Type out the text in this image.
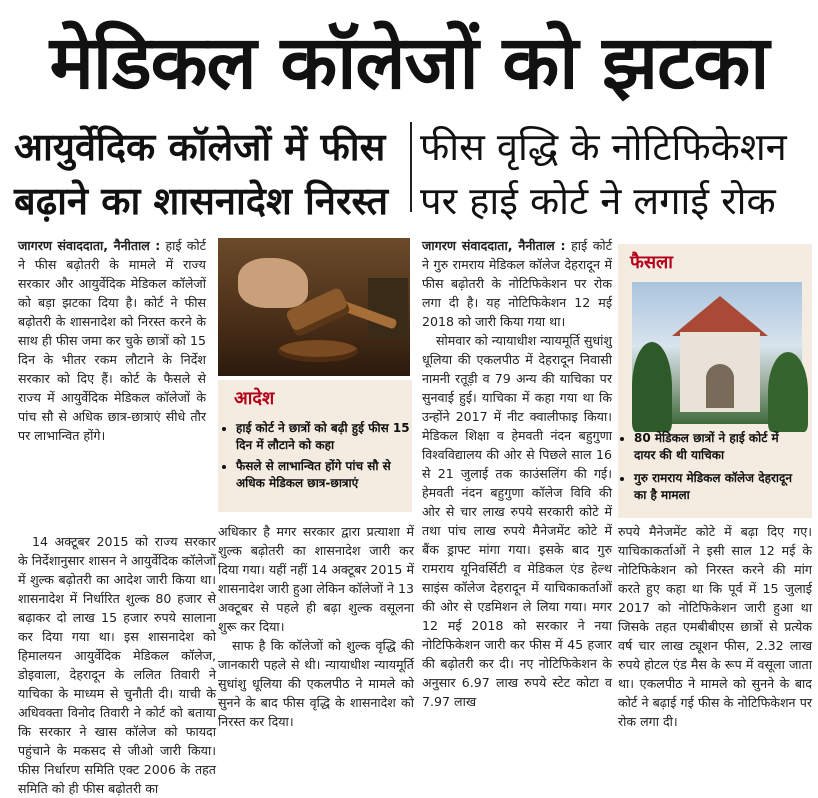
मेडिकल कॉलेजों को झटका
आयुर्वेदिक कॉलेजों में फीस बढ़ाने का शासनादेश निरस्त
फीस वृद्धि के नोटिफिकेशन पर हाई कोर्ट ने लगाई रोक

जागरण संवाददाता, नैनीताल : हाई कोर्ट ने फीस बढ़ोतरी के मामले में राज्य सरकार और आयुर्वेदिक मेडिकल कॉलेजों को बड़ा झटका दिया है। कोर्ट ने फीस बढ़ोतरी के शासनादेश को निरस्त करने के साथ ही फीस जमा कर चुके छात्रों को 15 दिन के भीतर रकम लौटाने के निर्देश सरकार को दिए हैं। कोर्ट के फैसले से राज्य में आयुर्वेदिक मेडिकल कॉलेजों के पांच सौ से अधिक छात्र-छात्राएं सीधे तौर पर लाभान्वित होंगे।

14 अक्टूबर 2015 को राज्य सरकार के निर्देशानुसार शासन ने आयुर्वेदिक कॉलेजों में शुल्क बढ़ोतरी का आदेश जारी किया था। शासनादेश में निर्धारित शुल्क 80 हजार से बढ़ाकर दो लाख 15 हजार रुपये सालाना कर दिया गया था। इस शासनादेश को हिमालयन आयुर्वेदिक मेडिकल कॉलेज, डोइवाला, देहरादून के ललित तिवारी ने याचिका के माध्यम से चुनौती दी। याची के अधिवक्ता विनोद तिवारी ने कोर्ट को बताया कि सरकार ने खास कॉलेज को फायदा पहुंचाने के मकसद से जीओ जारी किया। फीस निर्धारण समिति एक्ट 2006 के तहत समिति को ही फीस बढ़ोतरी का

आदेश
• हाई कोर्ट ने छात्रों को बढ़ी हुई फीस 15 दिन में लौटाने को कहा
• फैसले से लाभान्वित होंगे पांच सौ से अधिक मेडिकल छात्र-छात्राएं

अधिकार है मगर सरकार द्वारा प्रत्याशा में शुल्क बढ़ोतरी का शासनादेश जारी कर दिया गया। यहीं नहीं 14 अक्टूबर 2015 में शासनादेश जारी हुआ लेकिन कॉलेजों ने 13 अक्टूबर से पहले ही बढ़ा शुल्क वसूलना शुरू कर दिया।

साफ है कि कॉलेजों को शुल्क वृद्धि की जानकारी पहले से थी। न्यायाधीश न्यायमूर्ति सुधांशु धूलिया की एकलपीठ ने मामले को सुनने के बाद फीस वृद्धि के शासनादेश को निरस्त कर दिया।

जागरण संवाददाता, नैनीताल : हाई कोर्ट ने गुरु रामराय मेडिकल कॉलेज देहरादून में फीस बढ़ोतरी के नोटिफिकेशन पर रोक लगा दी है। यह नोटिफिकेशन 12 मई 2018 को जारी किया गया था।

सोमवार को न्यायाधीश न्यायमूर्ति सुधांशु धूलिया की एकलपीठ में देहरादून निवासी नामनी रतूड़ी व 79 अन्य की याचिका पर सुनवाई हुई। याचिका में कहा गया था कि उन्होंने 2017 में नीट क्वालीफाइ किया। मेडिकल शिक्षा व हेमवती नंदन बहुगुणा विश्वविद्यालय की ओर से पिछले साल 16 से 21 जुलाई तक काउंसलिंग की गई। हेमवती नंदन बहुगुणा कॉलेज विवि की ओर से चार लाख रुपये सरकारी कोटे में तथा पांच लाख रुपये मैनेजमेंट कोटे में बैंक ड्राफ्ट मांगा गया। इसके बाद गुरु रामराय यूनिवर्सिटी व मेडिकल एंड हेल्थ साइंस कॉलेज देहरादून में याचिकाकर्ताओं की ओर से एडमिशन ले लिया गया। मगर 12 मई 2018 को सरकार ने नया नोटिफिकेशन जारी कर फीस में 45 हजार की बढ़ोतरी कर दी। नए नोटिफिकेशन के अनुसार 6.97 लाख रुपये स्टेट कोटा व 7.97 लाख

फैसला
• 80 मेडिकल छात्रों ने हाई कोर्ट में दायर की थी याचिका
• गुरु रामराय मेडिकल कॉलेज देहरादून का है मामला

रुपये मैनेजमेंट कोटे में बढ़ा दिए गए। याचिकाकर्ताओं ने इसी साल 12 मई के नोटिफिकेशन को निरस्त करने की मांग करते हुए कहा था कि पूर्व में 15 जुलाई 2017 को नोटिफिकेशन जारी हुआ था जिसके तहत एमबीबीएस छात्रों से प्रत्येक वर्ष चार लाख ट्यूशन फीस, 2.32 लाख रुपये होटल एंड मैस के रूप में वसूला जाता था। एकलपीठ ने मामले को सुनने के बाद कोर्ट ने बढ़ाई गई फीस के नोटिफिकेशन पर रोक लगा दी।
